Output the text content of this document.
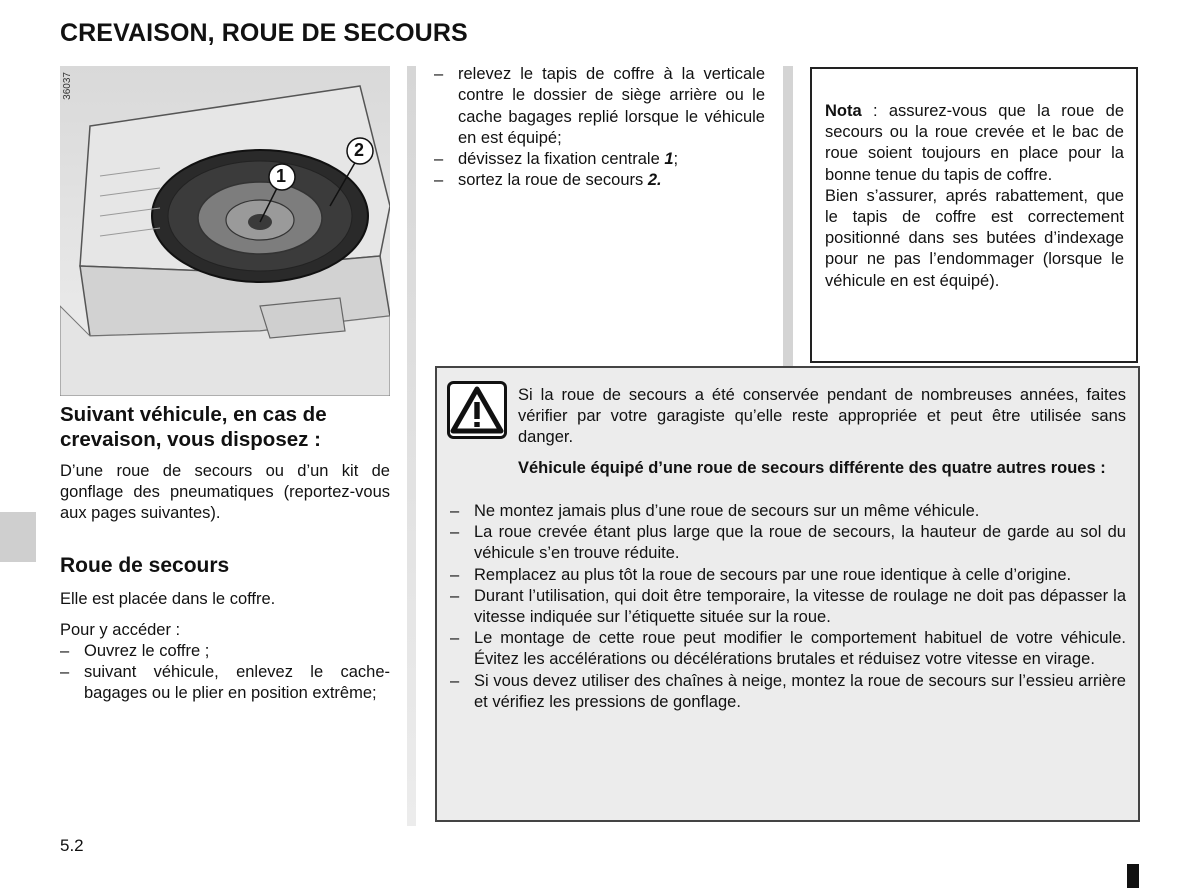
CREVAISON, ROUE DE SECOURS
36037
1
2
Suivant véhicule, en cas de crevaison, vous disposez :

D’une roue de secours ou d’un kit de gonflage des pneumatiques (reportez-vous aux pages suivantes).

Roue de secours

Elle est placée dans le coffre.

Pour y accéder :

– Ouvrez le coffre ;
– suivant véhicule, enlevez le cache-bagages ou le plier en position extrême;
– relevez le tapis de coffre à la verticale contre le dossier de siège arrière ou le cache bagages replié lorsque le véhicule en est équipé;
– dévissez la fixation centrale 1;
– sortez la roue de secours 2.

Nota : assurez-vous que la roue de secours ou la roue crevée et le bac de roue soient toujours en place pour la bonne tenue du tapis de coffre.

Bien s’assurer, aprés rabattement, que le tapis de coffre est correctement positionné dans ses butées d’indexage pour ne pas l’endommager (lorsque le véhicule en est équipé).

Si la roue de secours a été conservée pendant de nombreuses années, faites vérifier par votre garagiste qu’elle reste appropriée et peut être utilisée sans danger.

Véhicule équipé d’une roue de secours différente des quatre autres roues :

– Ne montez jamais plus d’une roue de secours sur un même véhicule.
– La roue crevée étant plus large que la roue de secours, la hauteur de garde au sol du véhicule s’en trouve réduite.
– Remplacez au plus tôt la roue de secours par une roue identique à celle d’origine.
– Durant l’utilisation, qui doit être temporaire, la vitesse de roulage ne doit pas dépasser la vitesse indiquée sur l’étiquette située sur la roue.
– Le montage de cette roue peut modifier le comportement habituel de votre véhicule. Évitez les accélérations ou décélérations brutales et réduisez votre vitesse en virage.
– Si vous devez utiliser des chaînes à neige, montez la roue de secours sur l’essieu arrière et vérifiez les pressions de gonflage.
5.2
